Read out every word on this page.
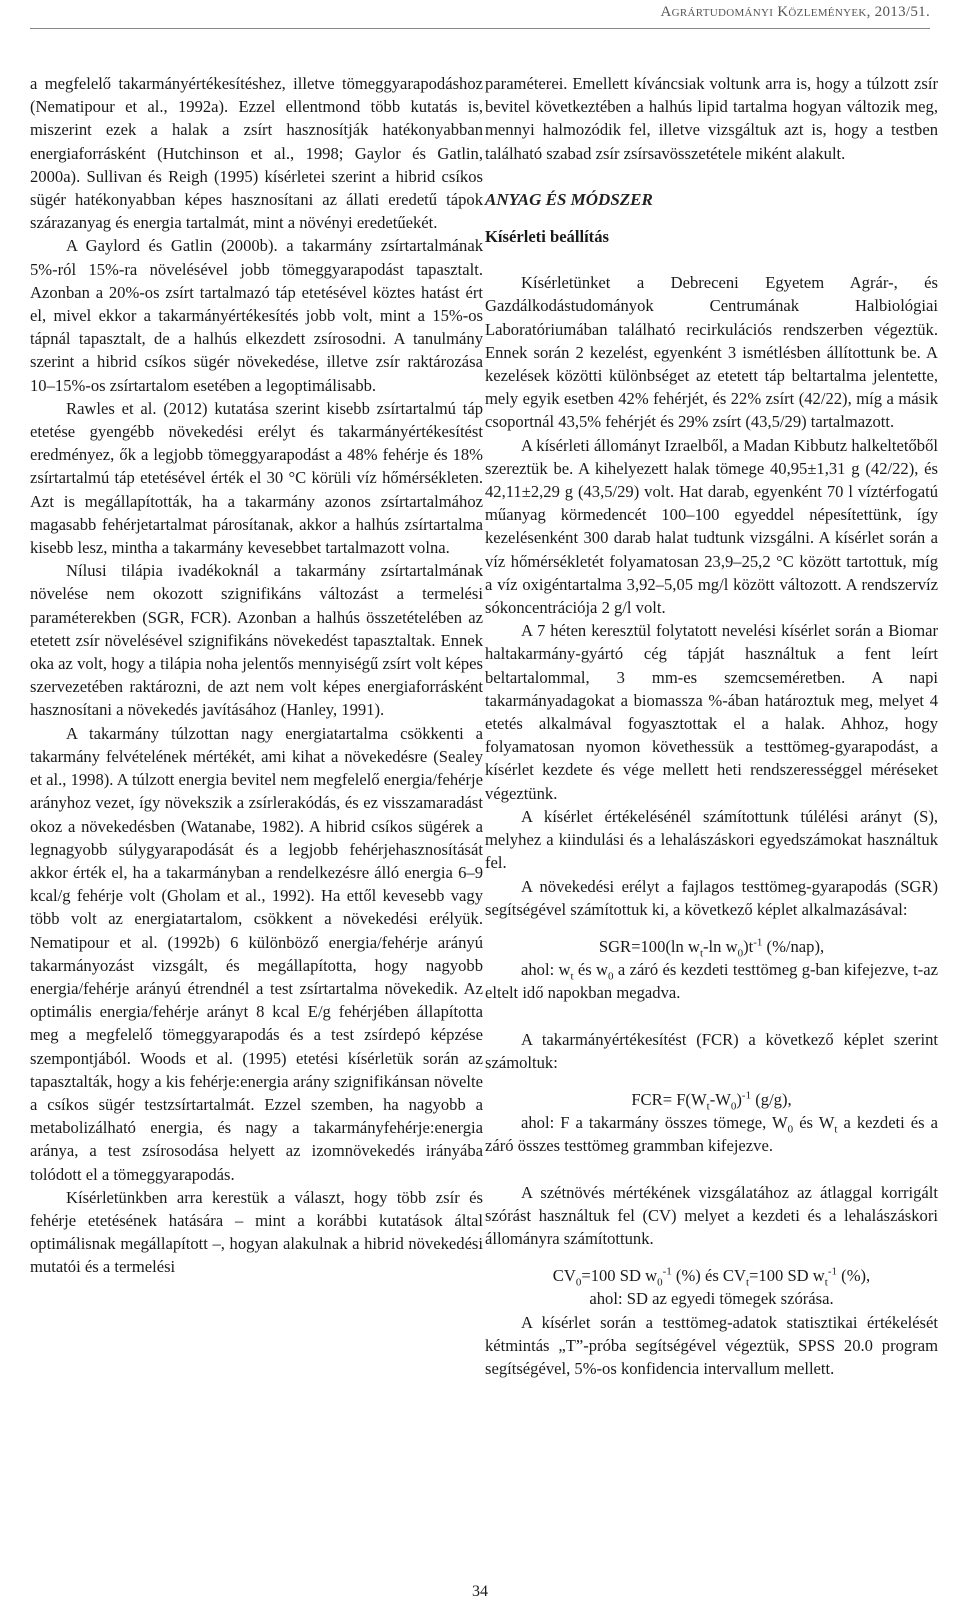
Agrártudományi Közlemények, 2013/51.

a megfelelő takarmányértékesítéshez, illetve tömeggyarapodáshoz (Nematipour et al., 1992a). Ezzel ellentmond több kutatás is, miszerint ezek a halak a zsírt hasznosítják hatékonyabban energiaforrásként (Hutchinson et al., 1998; Gaylor és Gatlin, 2000a). Sullivan és Reigh (1995) kísérletei szerint a hibrid csíkos sügér hatékonyabban képes hasznosítani az állati eredetű tápok szárazanyag és energia tartalmát, mint a növényi eredetűekét.

A Gaylord és Gatlin (2000b). a takarmány zsírtartalmának 5%-ról 15%-ra növelésével jobb tömeggyarapodást tapasztalt. Azonban a 20%-os zsírt tartalmazó táp etetésével köztes hatást ért el, mivel ekkor a takarmányértékesítés jobb volt, mint a 15%-os tápnál tapasztalt, de a halhús elkezdett zsírosodni. A tanulmány szerint a hibrid csíkos sügér növekedése, illetve zsír raktározása 10–15%-os zsírtartalom esetében a legoptimálisabb.

Rawles et al. (2012) kutatása szerint kisebb zsírtartalmú táp etetése gyengébb növekedési erélyt és takarmányértékesítést eredményez, ők a legjobb tömeggyarapodást a 48% fehérje és 18% zsírtartalmú táp etetésével érték el 30 °C körüli víz hőmérsékleten. Azt is megállapították, ha a takarmány azonos zsírtartalmához magasabb fehérjetartalmat párosítanak, akkor a halhús zsírtartalma kisebb lesz, mintha a takarmány kevesebbet tartalmazott volna.

Nílusi tilápia ivadékoknál a takarmány zsírtartalmának növelése nem okozott szignifikáns változást a termelési paraméterekben (SGR, FCR). Azonban a halhús összetételében az etetett zsír növelésével szignifikáns növekedést tapasztaltak. Ennek oka az volt, hogy a tilápia noha jelentős mennyiségű zsírt volt képes szervezetében raktározni, de azt nem volt képes energiaforrásként hasznosítani a növekedés javításához (Hanley, 1991).

A takarmány túlzottan nagy energiatartalma csökkenti a takarmány felvételének mértékét, ami kihat a növekedésre (Sealey et al., 1998). A túlzott energia bevitel nem megfelelő energia/fehérje arányhoz vezet, így növekszik a zsírlerakódás, és ez visszamaradást okoz a növekedésben (Watanabe, 1982). A hibrid csíkos sügérek a legnagyobb súlygyarapodását és a legjobb fehérjehasznosítását akkor érték el, ha a takarmányban a rendelkezésre álló energia 6–9 kcal/g fehérje volt (Gholam et al., 1992). Ha ettől kevesebb vagy több volt az energiatartalom, csökkent a növekedési erélyük. Nematipour et al. (1992b) 6 különböző energia/fehérje arányú takarmányozást vizsgált, és megállapította, hogy nagyobb energia/fehérje arányú étrendnél a test zsírtartalma növekedik. Az optimális energia/fehérje arányt 8 kcal E/g fehérjében állapította meg a megfelelő tömeggyarapodás és a test zsírdepó képzése szempontjából. Woods et al. (1995) etetési kísérletük során az tapasztalták, hogy a kis fehérje:energia arány szignifikánsan növelte a csíkos sügér testzsírtartalmát. Ezzel szemben, ha nagyobb a metabolizálható energia, és nagy a takarmányfehérje:energia aránya, a test zsírosodása helyett az izomnövekedés irányába tolódott el a tömeggyarapodás.

Kísérletünkben arra kerestük a választ, hogy több zsír és fehérje etetésének hatására – mint a korábbi kutatások által optimálisnak megállapított –, hogyan alakulnak a hibrid növekedési mutatói és a termelési

paraméterei. Emellett kíváncsiak voltunk arra is, hogy a túlzott zsír bevitel következtében a halhús lipid tartalma hogyan változik meg, mennyi halmozódik fel, illetve vizsgáltuk azt is, hogy a testben található szabad zsír zsírsavösszetétele miként alakult.

ANYAG ÉS MÓDSZER

Kísérleti beállítás

Kísérletünket a Debreceni Egyetem Agrár-, és Gazdálkodástudományok Centrumának Halbiológiai Laboratóriumában található recirkulációs rendszerben végeztük. Ennek során 2 kezelést, egyenként 3 ismétlésben állítottunk be. A kezelések közötti különbséget az etetett táp beltartalma jelentette, mely egyik esetben 42% fehérjét, és 22% zsírt (42/22), míg a másik csoportnál 43,5% fehérjét és 29% zsírt (43,5/29) tartalmazott.

A kísérleti állományt Izraelből, a Madan Kibbutz halkeltetőből szereztük be. A kihelyezett halak tömege 40,95±1,31 g (42/22), és 42,11±2,29 g (43,5/29) volt. Hat darab, egyenként 70 l víztérfogatú műanyag körmedencét 100–100 egyeddel népesítettünk, így kezelésenként 300 darab halat tudtunk vizsgálni. A kísérlet során a víz hőmérsékletét folyamatosan 23,9–25,2 °C között tartottuk, míg a víz oxigéntartalma 3,92–5,05 mg/l között változott. A rendszervíz sókoncentrációja 2 g/l volt.

A 7 héten keresztül folytatott nevelési kísérlet során a Biomar haltakarmány-gyártó cég tápját használtuk a fent leírt beltartalommal, 3 mm-es szemcseméretben. A napi takarmányadagokat a biomassza %-ában határoztuk meg, melyet 4 etetés alkalmával fogyasztottak el a halak. Ahhoz, hogy folyamatosan nyomon követhessük a testtömeg-gyarapodást, a kísérlet kezdete és vége mellett heti rendszerességgel méréseket végeztünk.

A kísérlet értékelésénél számítottunk túlélési arányt (S), melyhez a kiindulási és a lehalászáskori egyedszámokat használtuk fel.

A növekedési erélyt a fajlagos testtömeg-gyarapodás (SGR) segítségével számítottuk ki, a következő képlet alkalmazásával:

SGR=100(ln $w_t-\ln$ $w_0)t^{-1}$ (%/nap),

ahol: $w_t$ és $w_0$ a záró és kezdeti testtömeg g-ban kifejezve, t-az eltelt idő napokban megadva.

A takarmányértékesítést (FCR) a következő képlet szerint számoltuk:

$FCR= F(W_t-W_0)^{-1}$ (g/g),

ahol: F a takarmány összes tömege, $W_0$ és $W_t$ a kezdeti és a záró összes testtömeg grammban kifejezve.

A szétnövés mértékének vizsgálatához az átlaggal korrigált szórást használtuk fel (CV) melyet a kezdeti és a lehalászáskori állományra számítottunk.

$CV_0=100$ SD $w_0^{-1}$ (%) és $CV_t=100$ SD $w_t^{-1}$ (%),

ahol: SD az egyedi tömegek szórása.

A kísérlet során a testtömeg-adatok statisztikai értékelését kétmintás „T”-próba segítségével végeztük, SPSS 20.0 program segítségével, 5%-os konfidencia intervallum mellett.

34
